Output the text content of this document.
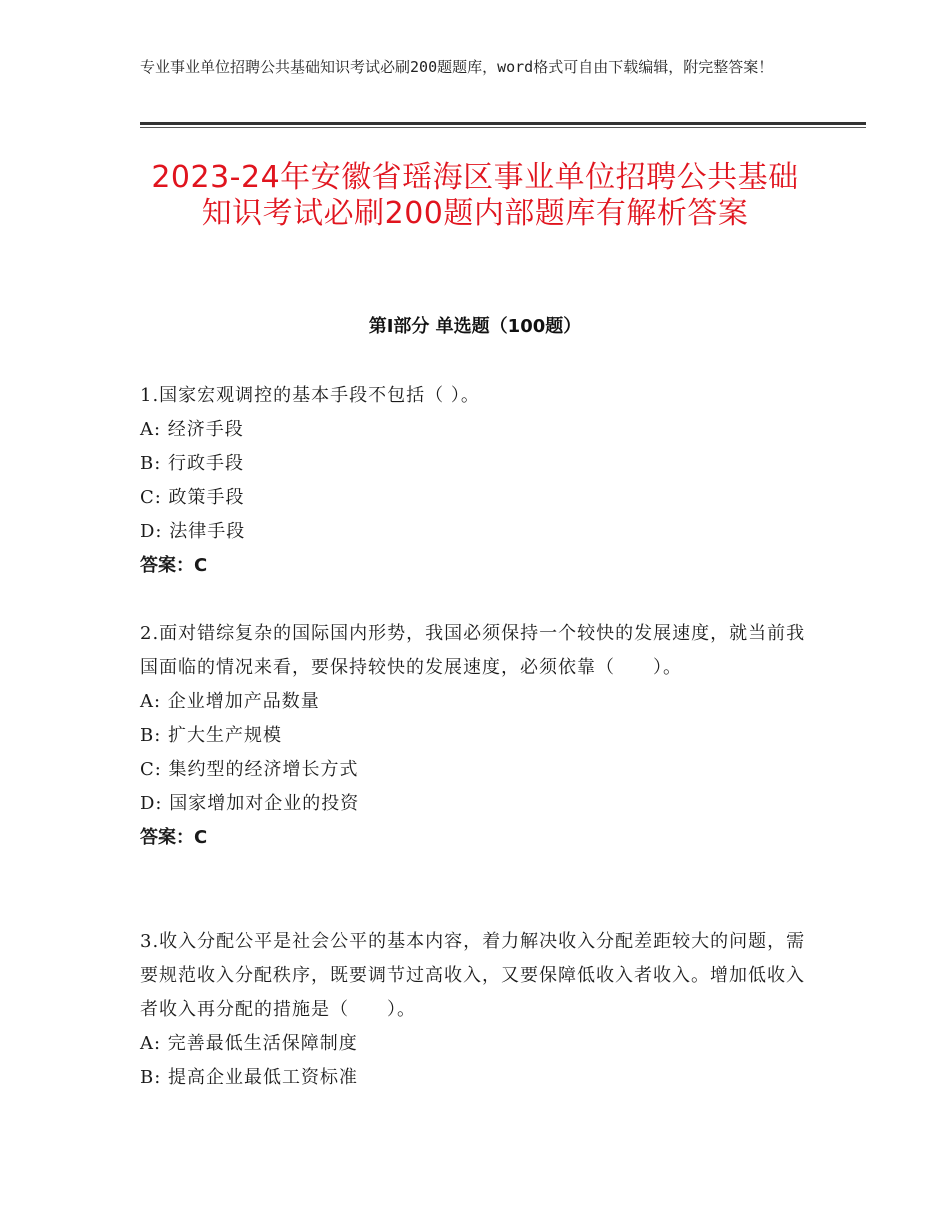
专业事业单位招聘公共基础知识考试必刷200题题库，word格式可自由下载编辑，附完整答案！
2023-24年安徽省瑶海区事业单位招聘公共基础知识考试必刷200题内部题库有解析答案
第Ⅰ部分 单选题（100题）
1.国家宏观调控的基本手段不包括（ ）。
A: 经济手段
B: 行政手段
C: 政策手段
D: 法律手段
答案：C
2.面对错综复杂的国际国内形势，我国必须保持一个较快的发展速度，就当前我国面临的情况来看，要保持较快的发展速度，必须依靠（　　）。
A: 企业增加产品数量
B: 扩大生产规模
C: 集约型的经济增长方式
D: 国家增加对企业的投资
答案：C
3.收入分配公平是社会公平的基本内容，着力解决收入分配差距较大的问题，需要规范收入分配秩序，既要调节过高收入，又要保障低收入者收入。增加低收入者收入再分配的措施是（　　）。
A: 完善最低生活保障制度
B: 提高企业最低工资标准
